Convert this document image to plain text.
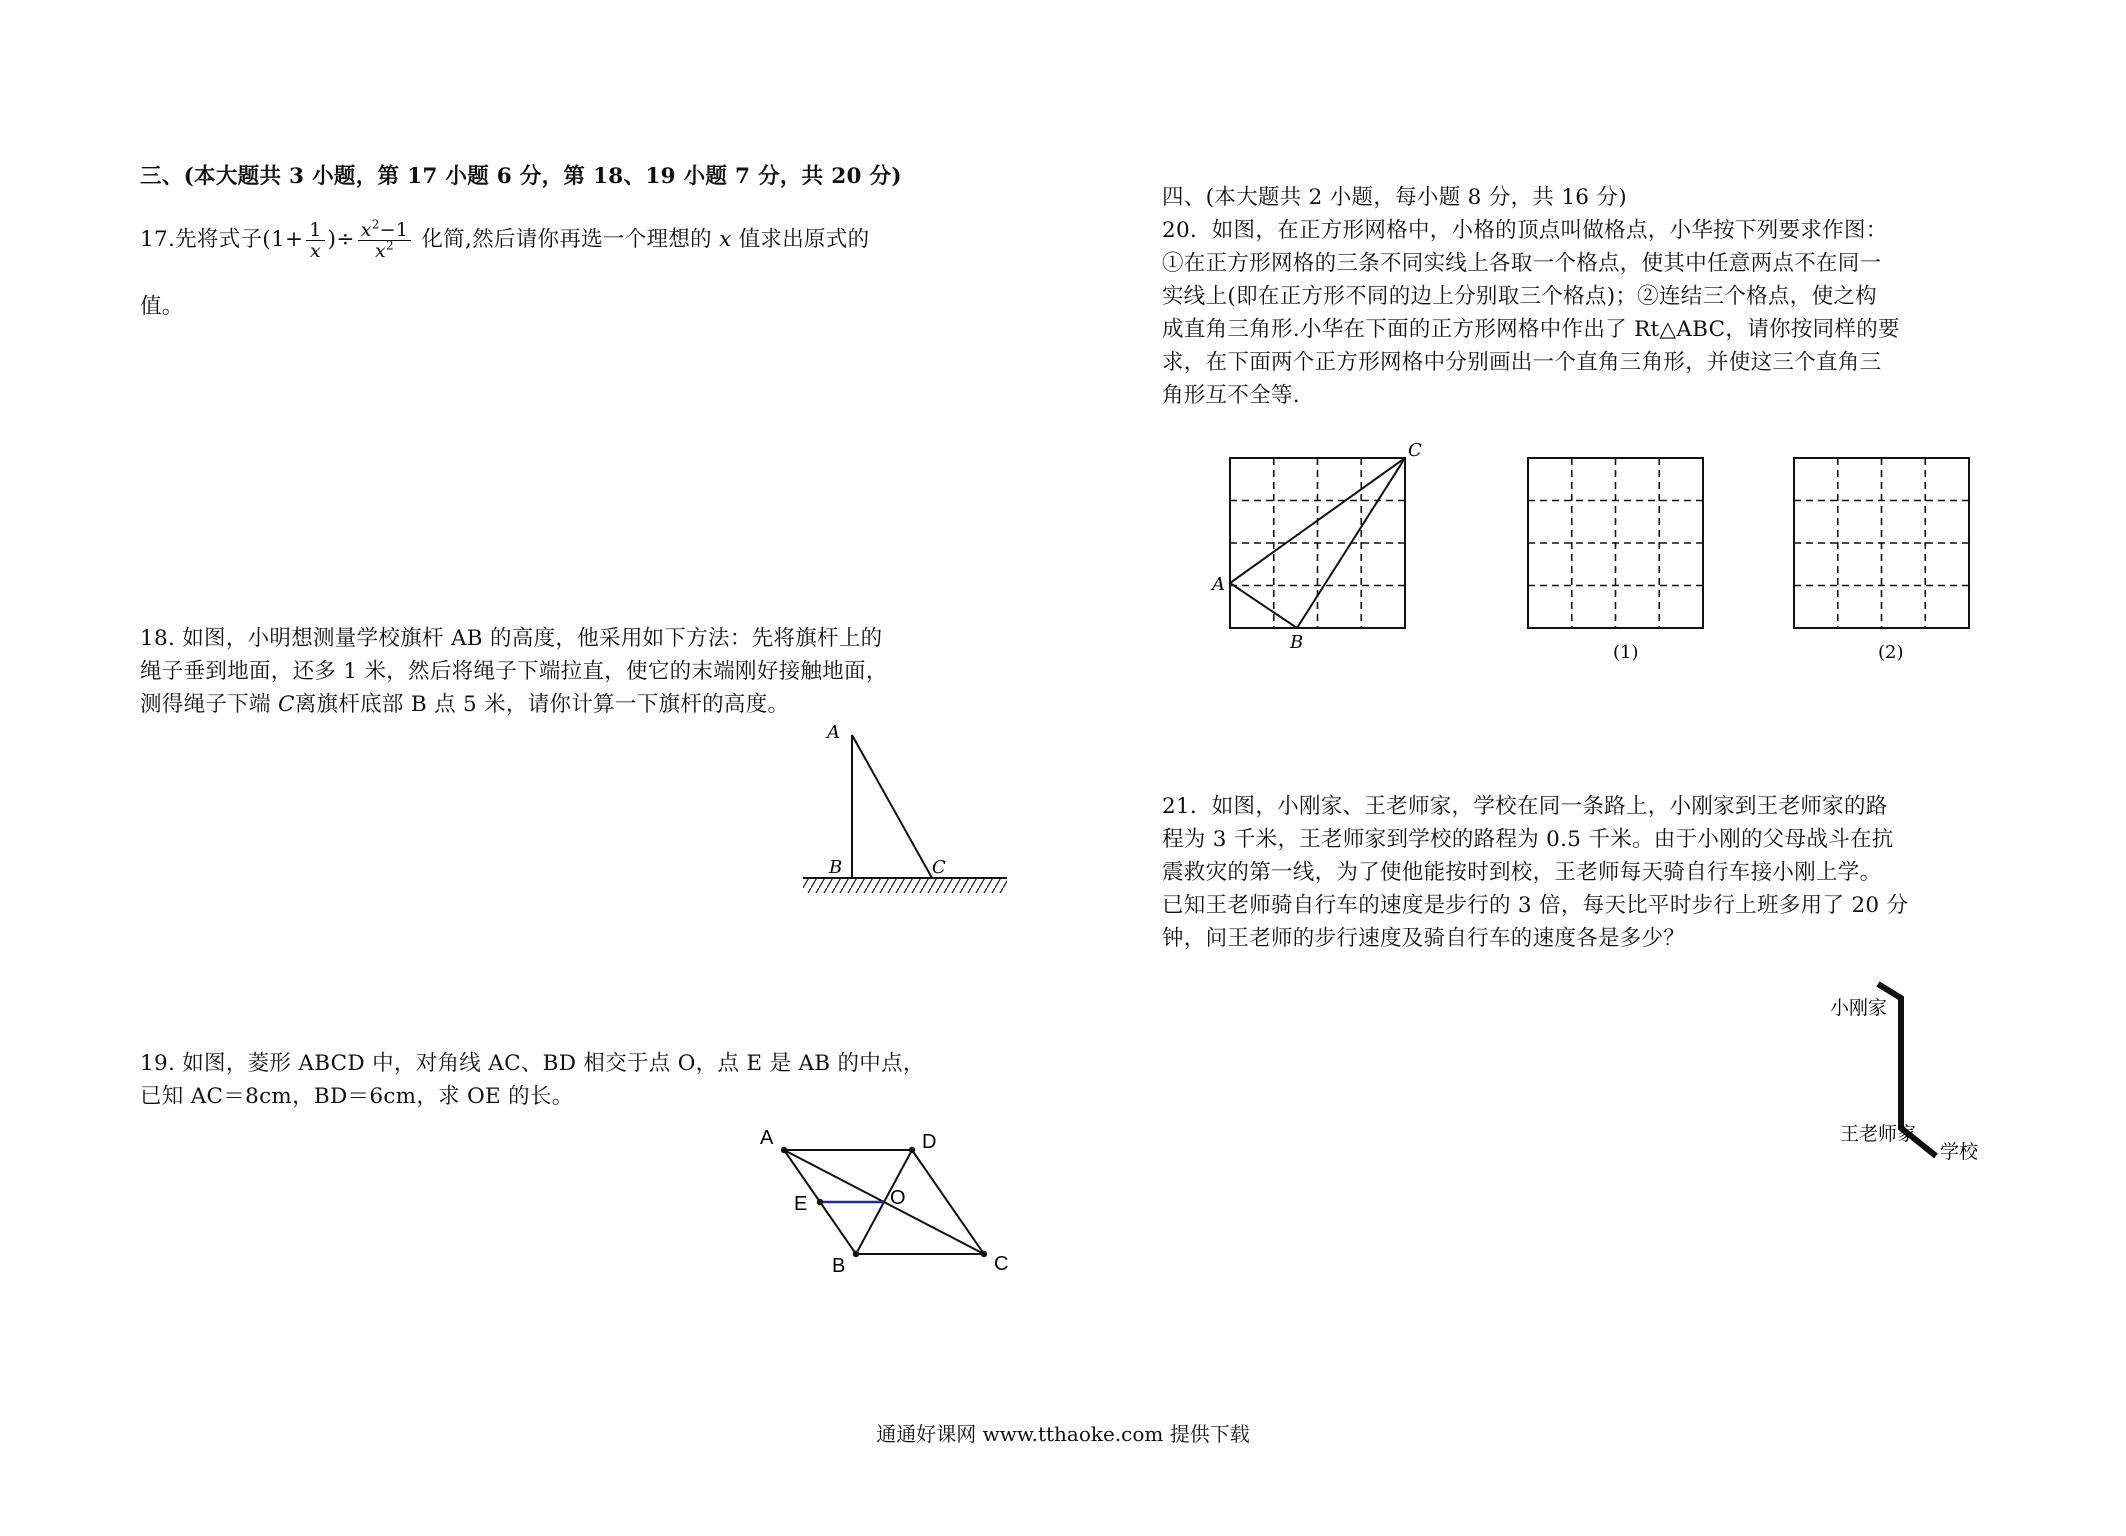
三、(本大题共 3 小题，第 17 小题 6 分，第 18、19 小题 7 分，共 20 分)
17.先将式子($1+ \frac{1}{x}$ )÷ $\frac{x^2-1}{x^2}$ 化简,然后请你再选一个理想的 x 值求出原式的
值。
18. 如图，小明想测量学校旗杆 AB 的高度，他采用如下方法：先将旗杆上的
绳子垂到地面，还多 1 米，然后将绳子下端拉直，使它的末端刚好接触地面，
测得绳子下端 C离旗杆底部 B 点 5 米，请你计算一下旗杆的高度。
A
B	C
19. 如图，菱形 ABCD 中，对角线 AC、BD 相交于点 O，点 E 是 AB 的中点，
已知 AC＝8cm，BD＝6cm，求 OE 的长。
A	D
C
B
E	O
四、(本大题共 2 小题，每小题 8 分，共 16 分)
20．如图，在正方形网格中，小格的顶点叫做格点，小华按下列要求作图：
①在正方形网格的三条不同实线上各取一个格点，使其中任意两点不在同一
实线上(即在正方形不同的边上分别取三个格点)；②连结三个格点，使之构
成直角三角形.小华在下面的正方形网格中作出了 Rt△ABC，请你按同样的要
求，在下面两个正方形网格中分别画出一个直角三角形，并使这三个直角三
角形互不全等.
A
B
C
(1)	(2)
21．如图，小刚家、王老师家，学校在同一条路上，小刚家到王老师家的路
程为 3 千米，王老师家到学校的路程为 0.5 千米。由于小刚的父母战斗在抗
震救灾的第一线，为了使他能按时到校，王老师每天骑自行车接小刚上学。
已知王老师骑自行车的速度是步行的 3 倍，每天比平时步行上班多用了 20 分
钟，问王老师的步行速度及骑自行车的速度各是多少？
小刚家
王老师家
学校
通通好课网 www.tthaoke.com 提供下载
